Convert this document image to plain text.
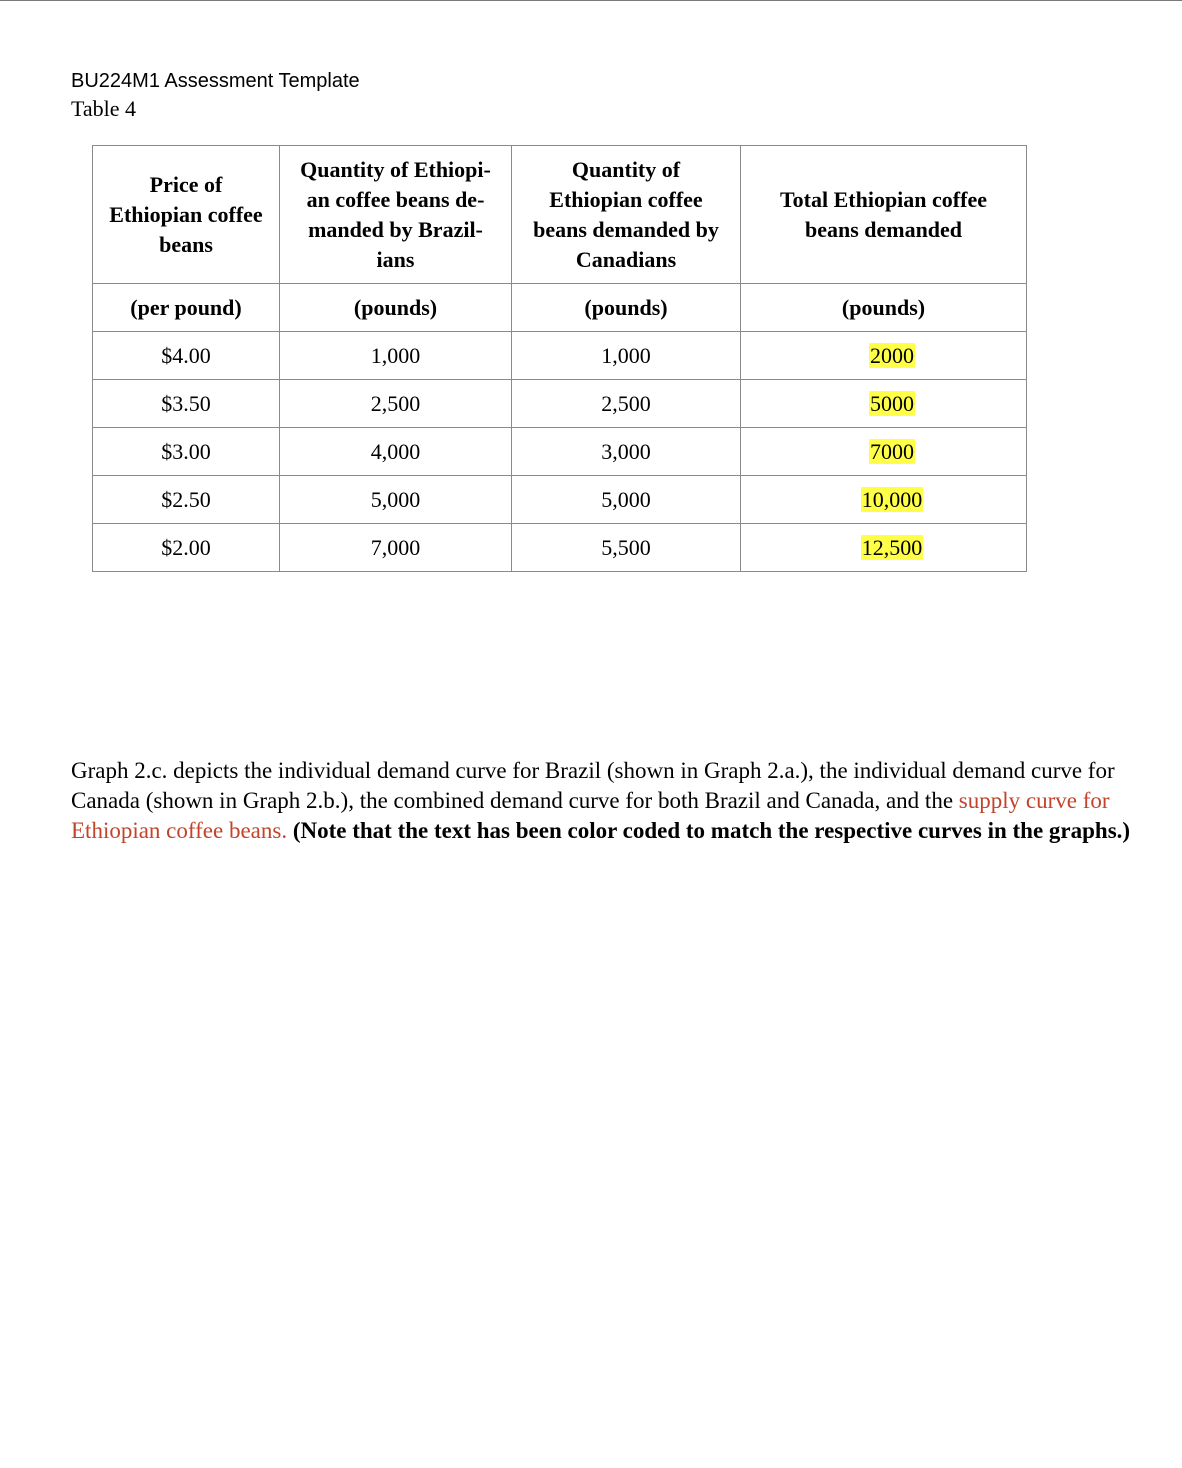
BU224M1 Assessment Template
Table 4
Price of
Ethiopian coffee
beans	Quantity of Ethiopi-
an coffee beans de-
manded by Brazil-
ians	Quantity of
Ethiopian coffee
beans demanded by
Canadians	Total Ethiopian coffee
beans demanded
(per pound)	(pounds)	(pounds)	(pounds)
$4.00	1,000	1,000	2000
$3.50	2,500	2,500	5000
$3.00	4,000	3,000	7000
$2.50	5,000	5,000	10,000
$2.00	7,000	5,500	12,500
Graph 2.c. depicts the individual demand curve for Brazil (shown in Graph 2.a.), the individual demand curve for Canada (shown in Graph 2.b.), the combined demand curve for both Brazil and Canada, and the supply curve for Ethiopian coffee beans. (Note that the text has been color coded to match the respective curves in the graphs.)
